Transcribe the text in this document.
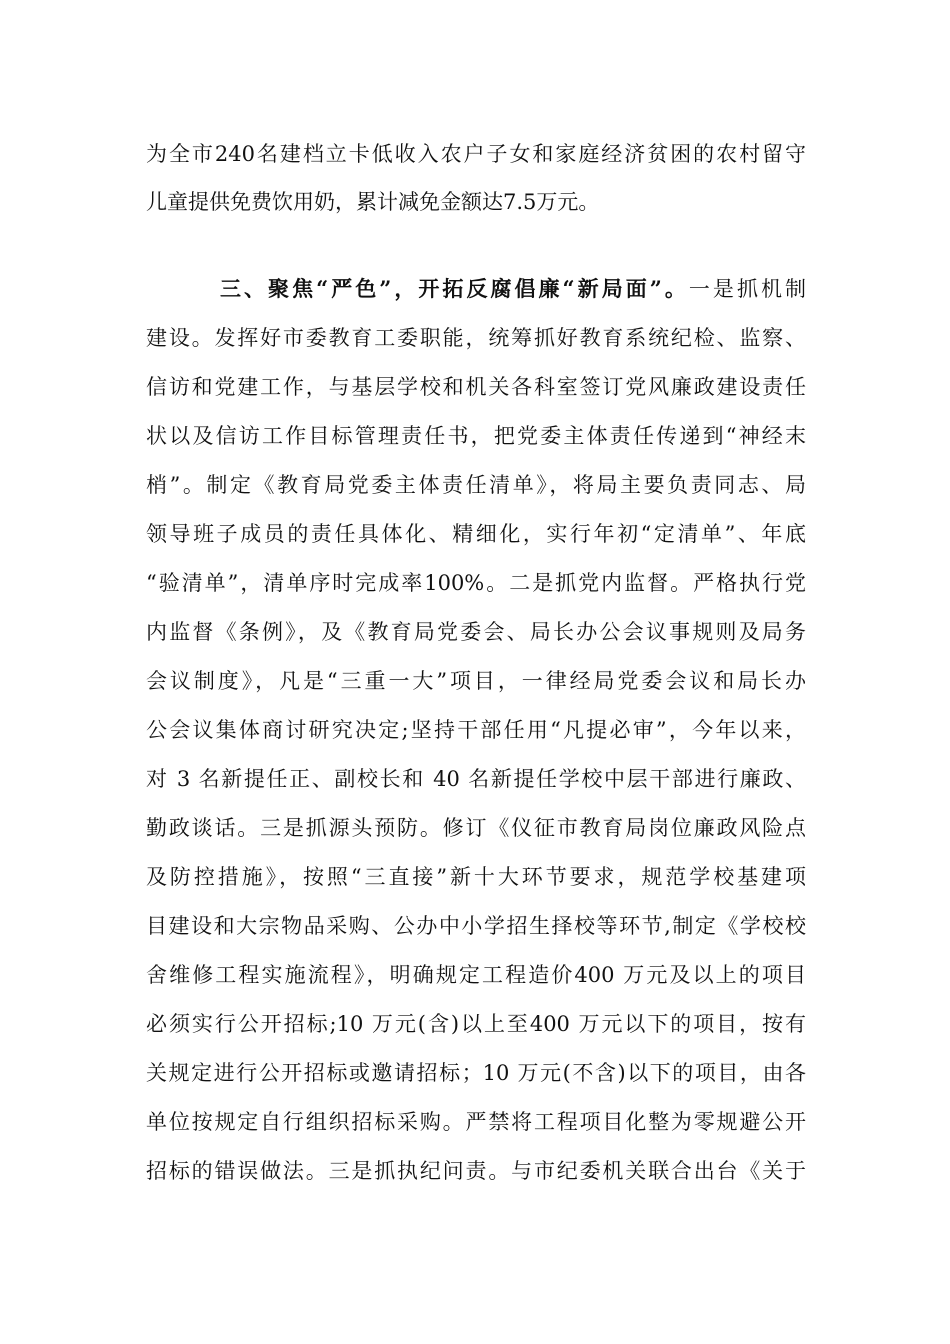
为全市240名建档立卡低收入农户子女和家庭经济贫困的农村留守
儿童提供免费饮用奶，累计减免金额达7.5万元。
三、聚焦“严色”，开拓反腐倡廉“新局面”。一是抓机制
建设。发挥好市委教育工委职能，统筹抓好教育系统纪检、监察、
信访和党建工作，与基层学校和机关各科室签订党风廉政建设责任
状以及信访工作目标管理责任书，把党委主体责任传递到“神经末
梢”。制定《教育局党委主体责任清单》，将局主要负责同志、局
领导班子成员的责任具体化、精细化，实行年初“定清单”、年底
“验清单”，清单序时完成率100%。二是抓党内监督。严格执行党
内监督《条例》，及《教育局党委会、局长办公会议事规则及局务
会议制度》，凡是“三重一大”项目，一律经局党委会议和局长办
公会议集体商讨研究决定;坚持干部任用“凡提必审”，今年以来，
对 3 名新提任正、副校长和 40 名新提任学校中层干部进行廉政、
勤政谈话。三是抓源头预防。修订《仪征市教育局岗位廉政风险点
及防控措施》，按照“三直接”新十大环节要求，规范学校基建项
目建设和大宗物品采购、公办中小学招生择校等环节,制定《学校校
舍维修工程实施流程》，明确规定工程造价400 万元及以上的项目
必须实行公开招标;10 万元(含)以上至400 万元以下的项目，按有
关规定进行公开招标或邀请招标；10 万元(不含)以下的项目，由各
单位按规定自行组织招标采购。严禁将工程项目化整为零规避公开
招标的错误做法。三是抓执纪问责。与市纪委机关联合出台《关于
